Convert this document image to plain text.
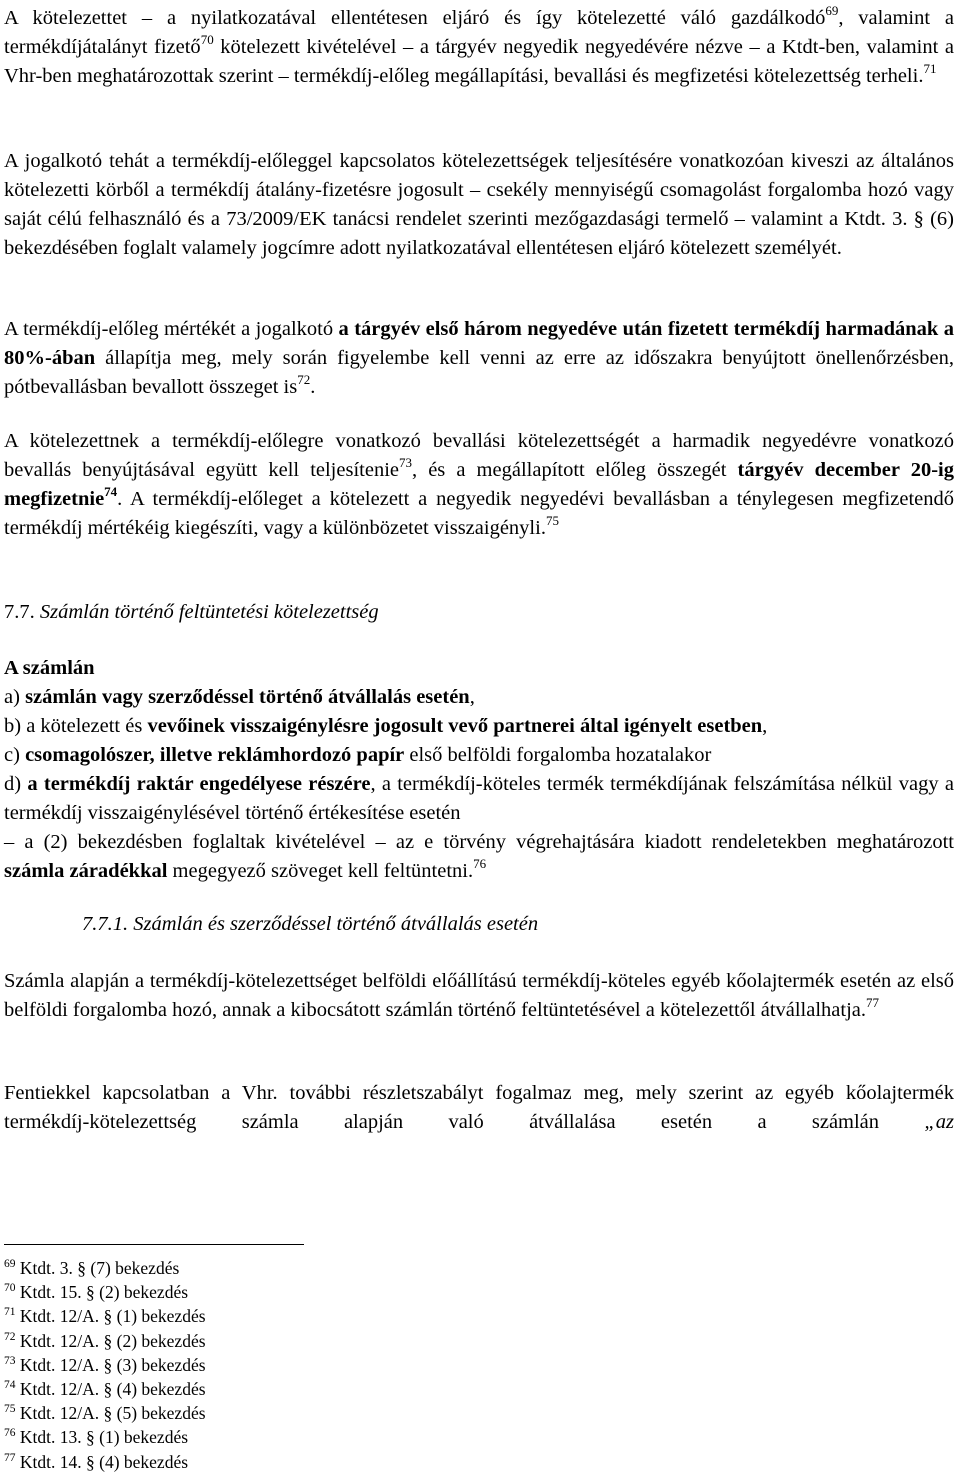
A kötelezettet – a nyilatkozatával ellentétesen eljáró és így kötelezetté váló gazdálkodó$^{69}$, valamint a termékdíjátalányt fizető$^{70}$ kötelezett kivételével – a tárgyév negyedik negyedévére nézve – a Ktdt-ben, valamint a Vhr-ben meghatározottak szerint – termékdíj-előleg megállapítási, bevallási és megfizetési kötelezettség terheli.$^{71}$

A jogalkotó tehát a termékdíj-előleggel kapcsolatos kötelezettségek teljesítésére vonatkozóan kiveszi az általános kötelezetti körből a termékdíj átalány-fizetésre jogosult – csekély mennyiségű csomagolást forgalomba hozó vagy saját célú felhasználó és a 73/2009/EK tanácsi rendelet szerinti mezőgazdasági termelő – valamint a Ktdt. 3. § (6) bekezdésében foglalt valamely jogcímre adott nyilatkozatával ellentétesen eljáró kötelezett személyét.

A termékdíj-előleg mértékét a jogalkotó a tárgyév első három negyedéve után fizetett termékdíj harmadának a 80%-ában állapítja meg, mely során figyelembe kell venni az erre az időszakra benyújtott önellenőrzésben, pótbevallásban bevallott összeget $is^{72}$.

A kötelezettnek a termékdíj-előlegre vonatkozó bevallási kötelezettségét a harmadik negyedévre vonatkozó bevallás benyújtásával együtt kell teljesítenie$^{73}$, és a megállapított előleg összegét tárgyév december 20-ig megfizetnie$^{74}$. A termékdíj-előleget a kötelezett a negyedik negyedévi bevallásban a ténylegesen megfizetendő termékdíj mértékéig kiegészíti, vagy a különbözetet visszaigényli.$^{75}$

7.7. Számlán történő feltüntetési kötelezettség

A számlán

a) számlán vagy szerződéssel történő átvállalás esetén,

b) a kötelezett és vevőinek visszaigénylésre jogosult vevő partnerei által igényelt esetben,

c) csomagolószer, illetve reklámhordozó papír első belföldi forgalomba hozatalakor

d) a termékdíj raktár engedélyese részére, a termékdíj-köteles termék termékdíjának felszámítása nélkül vagy a termékdíj visszaigénylésével történő értékesítése esetén

– a (2) bekezdésben foglaltak kivételével – az e törvény végrehajtására kiadott rendeletekben meghatározott számla záradékkal megegyező szöveget kell feltüntetni.$^{76}$

7.7.1. Számlán és szerződéssel történő átvállalás esetén

Számla alapján a termékdíj-kötelezettséget belföldi előállítású termékdíj-köteles egyéb kőolajtermék esetén az első belföldi forgalomba hozó, annak a kibocsátott számlán történő feltüntetésével a kötelezettől átvállalhatja.$^{77}$

Fentiekkel kapcsolatban a Vhr. további részletszabályt fogalmaz meg, mely szerint az egyéb kőolajtermék termékdíj-kötelezettség számla alapján való átvállalása esetén a számlán „az

$^{69}$ Ktdt. 3. § (7) bekezdés
$^{70}$ Ktdt. 15. § (2) bekezdés
$^{71}$ Ktdt. 12/A. § (1) bekezdés
$^{72}$ Ktdt. 12/A. § (2) bekezdés
$^{73}$ Ktdt. 12/A. § (3) bekezdés
$^{74}$ Ktdt. 12/A. § (4) bekezdés
$^{75}$ Ktdt. 12/A. § (5) bekezdés
$^{76}$ Ktdt. 13. § (1) bekezdés
$^{77}$ Ktdt. 14. § (4) bekezdés
